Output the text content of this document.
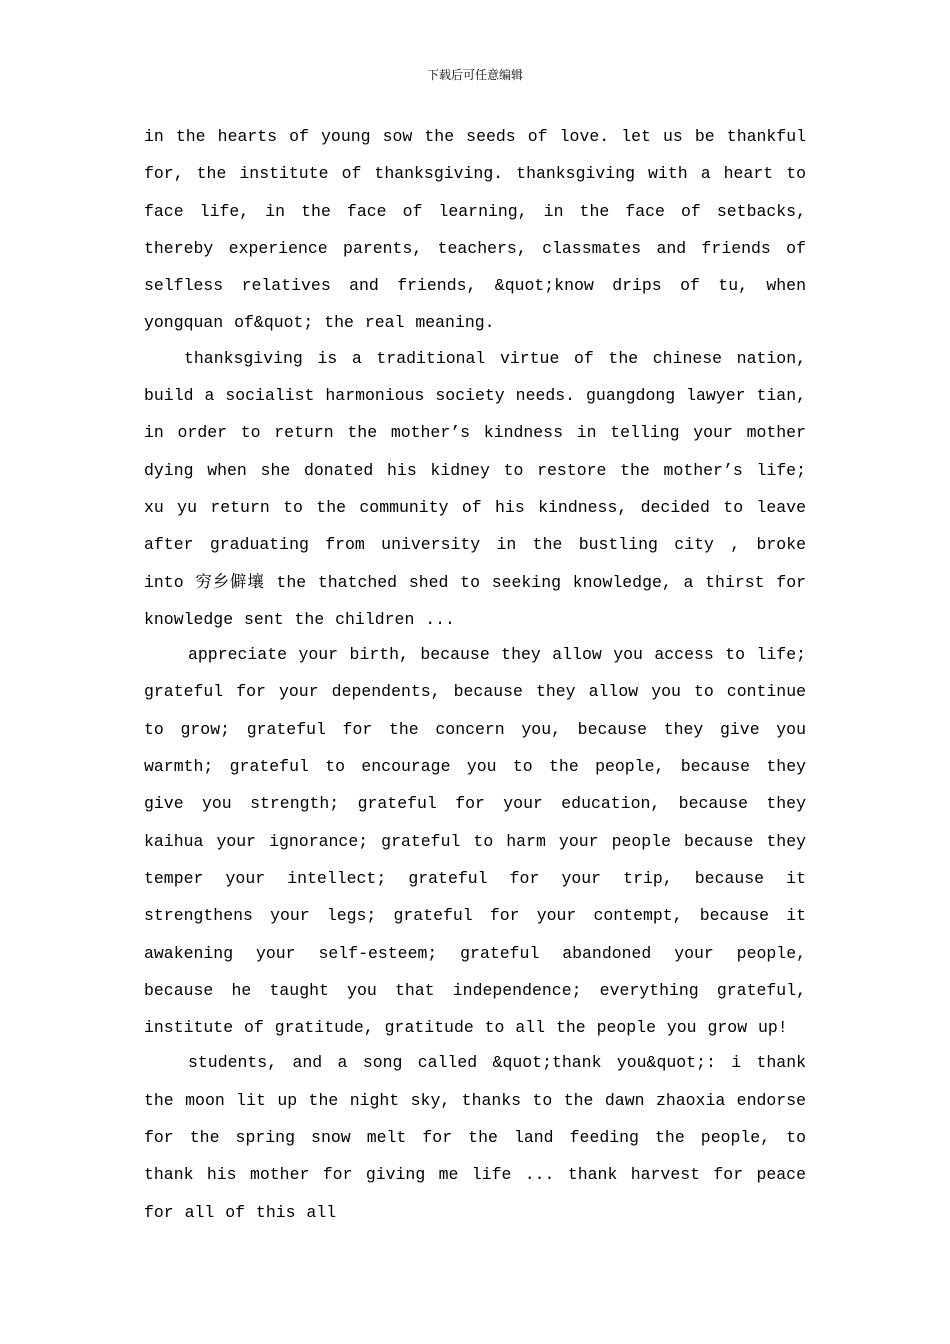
下载后可任意编辑

in the hearts of young sow the seeds of love. let us be thankful for, the institute of thanksgiving. thanksgiving with a heart to face life, in the face of learning, in the face of setbacks, thereby experience parents, teachers, classmates and friends of selfless relatives and friends, &quot;know drips of tu, when yongquan of&quot; the real meaning.

thanksgiving is a traditional virtue of the chinese nation, build a socialist harmonious society needs. guangdong lawyer tian, in order to return the mother’s kindness in telling your mother dying when she donated his kidney to restore the mother’s life; xu yu return to the community of his kindness, decided to leave after graduating from university in the bustling city , broke into 穷乡僻壤 the thatched shed to seeking knowledge, a thirst for knowledge sent the children ...

appreciate your birth, because they allow you access to life; grateful for your dependents, because they allow you to continue to grow; grateful for the concern you, because they give you warmth; grateful to encourage you to the people, because they give you strength; grateful for your education, because they kaihua your ignorance; grateful to harm your people because they temper your intellect; grateful for your trip, because it strengthens your legs; grateful for your contempt, because it awakening your self-esteem; grateful abandoned your people, because he taught you that independence; everything grateful, institute of gratitude, gratitude to all the people you grow up!

students, and a song called &quot;thank you&quot;: i thank the moon lit up the night sky, thanks to the dawn zhaoxia endorse for the spring snow melt for the land feeding the people, to thank his mother for giving me life ... thank harvest for peace for all of this all
